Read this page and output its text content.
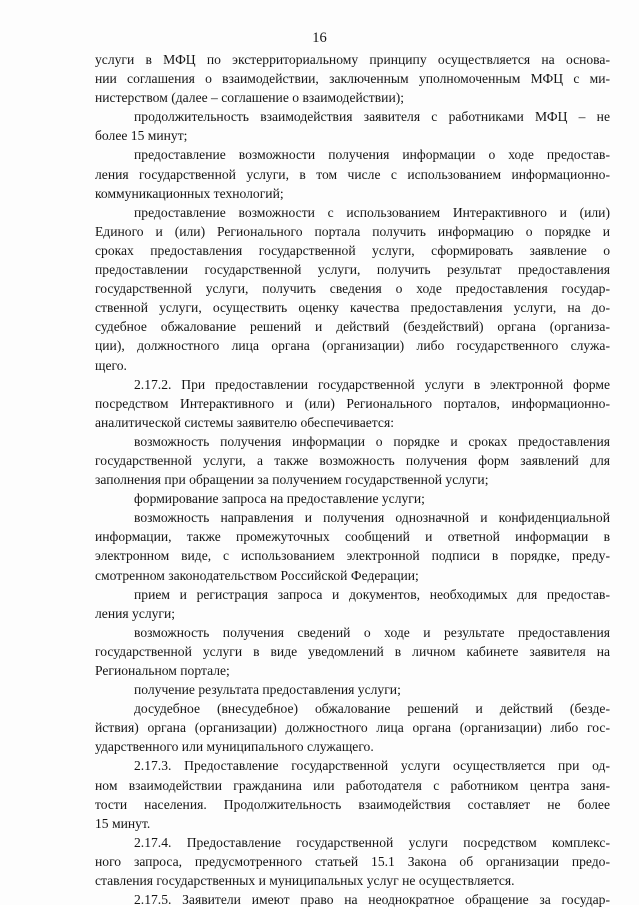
16
услуги в МФЦ по экстерриториальному принципу осуществляется на основа-
нии соглашения о взаимодействии, заключенным уполномоченным МФЦ с ми-
нистерством (далее – соглашение о взаимодействии);
продолжительность взаимодействия заявителя с работниками МФЦ – не
более 15 минут;
предоставление возможности получения информации о ходе предостав-
ления государственной услуги, в том числе с использованием информационно-
коммуникационных технологий;
предоставление возможности с использованием Интерактивного и (или)
Единого и (или) Регионального портала получить информацию о порядке и
сроках предоставления государственной услуги, сформировать заявление о
предоставлении государственной услуги, получить результат предоставления
государственной услуги, получить сведения о ходе предоставления государ-
ственной услуги, осуществить оценку качества предоставления услуги, на до-
судебное обжалование решений и действий (бездействий) органа (организа-
ции), должностного лица органа (организации) либо государственного служа-
щего.
2.17.2. При предоставлении государственной услуги в электронной форме
посредством Интерактивного и (или) Регионального порталов, информационно-
аналитической системы заявителю обеспечивается:
возможность получения информации о порядке и сроках предоставления
государственной услуги, а также возможность получения форм заявлений для
заполнения при обращении за получением государственной услуги;
формирование запроса на предоставление услуги;
возможность направления и получения однозначной и конфиденциальной
информации, также промежуточных сообщений и ответной информации в
электронном виде, с использованием электронной подписи в порядке, преду-
смотренном законодательством Российской Федерации;
прием и регистрация запроса и документов, необходимых для предостав-
ления услуги;
возможность получения сведений о ходе и результате предоставления
государственной услуги в виде уведомлений в личном кабинете заявителя на
Региональном портале;
получение результата предоставления услуги;
досудебное (внесудебное) обжалование решений и действий (безде-
йствия) органа (организации) должностного лица органа (организации) либо гос-
ударственного или муниципального служащего.
2.17.3. Предоставление государственной услуги осуществляется при од-
ном взаимодействии гражданина или работодателя с работником центра заня-
тости населения. Продолжительность взаимодействия составляет не более
15 минут.
2.17.4. Предоставление государственной услуги посредством комплекс-
ного запроса, предусмотренного статьей 15.1 Закона об организации предо-
ставления государственных и муниципальных услуг не осуществляется.
2.17.5. Заявители имеют право на неоднократное обращение за государ-
